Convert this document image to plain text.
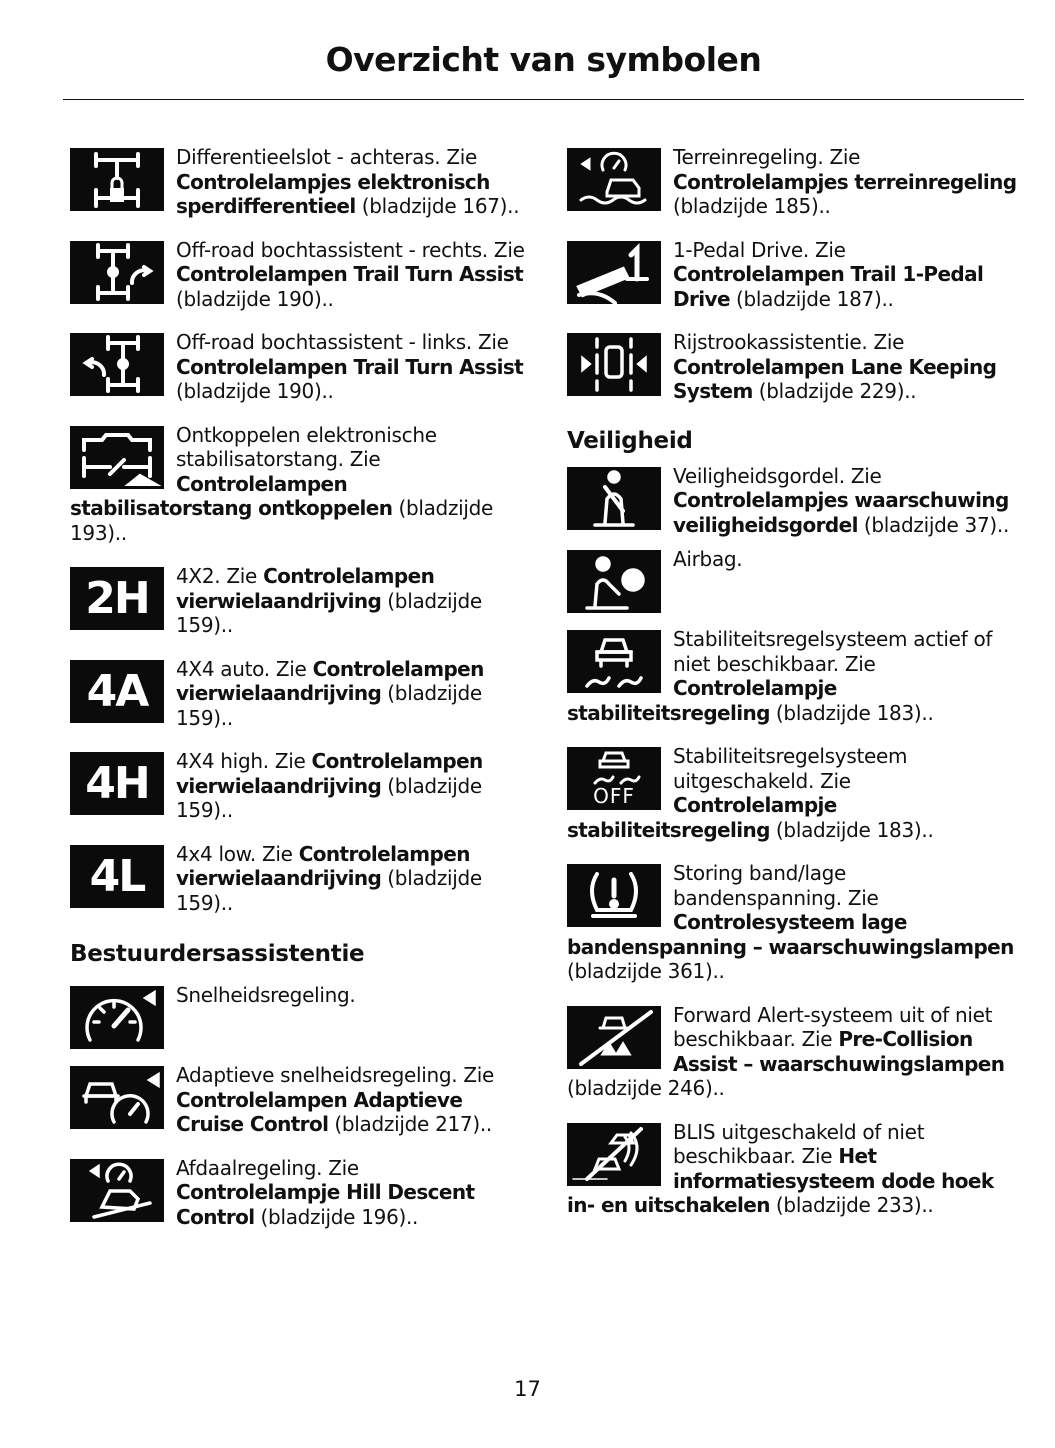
Overzicht van symbolen
Differentieelslot - achteras. Zie Controlelampjes elektronisch sperdifferentieel (bladzijde 167)..
Off-road bochtassistent - rechts. Zie Controlelampen Trail Turn Assist (bladzijde 190)..
Off-road bochtassistent - links. Zie Controlelampen Trail Turn Assist (bladzijde 190)..
Ontkoppelen elektronische stabilisatorstang. Zie Controlelampen stabilisatorstang ontkoppelen (bladzijde 193)..
2H	4X2. Zie Controlelampen vierwielaandrijving (bladzijde 159)..
4A	4X4 auto. Zie Controlelampen vierwielaandrijving (bladzijde 159)..
4H	4X4 high. Zie Controlelampen vierwielaandrijving (bladzijde 159)..
4L	4x4 low. Zie Controlelampen vierwielaandrijving (bladzijde 159)..
Bestuurdersassistentie
Snelheidsregeling.
Adaptieve snelheidsregeling. Zie Controlelampen Adaptieve Cruise Control (bladzijde 217)..
Afdaalregeling. Zie Controlelampje Hill Descent Control (bladzijde 196)..
Terreinregeling. Zie Controlelampjes terreinregeling (bladzijde 185)..
1-Pedal Drive. Zie Controlelampen Trail 1-Pedal Drive (bladzijde 187)..
Rijstrookassistentie. Zie Controlelampen Lane Keeping System (bladzijde 229)..
Veiligheid
Veiligheidsgordel. Zie Controlelampjes waarschuwing veiligheidsgordel (bladzijde 37)..
Airbag.
Stabiliteitsregelsysteem actief of niet beschikbaar. Zie Controlelampje stabiliteitsregeling (bladzijde 183)..
OFF
Stabiliteitsregelsysteem uitgeschakeld. Zie Controlelampje stabiliteitsregeling (bladzijde 183)..
Storing band/lage bandenspanning. Zie Controlesysteem lage bandenspanning – waarschuwingslampen (bladzijde 361)..
Forward Alert-systeem uit of niet beschikbaar. Zie Pre-Collision Assist – waarschuwingslampen (bladzijde 246)..
BLIS uitgeschakeld of niet beschikbaar. Zie Het informatiesysteem dode hoek in- en uitschakelen (bladzijde 233)..
17
